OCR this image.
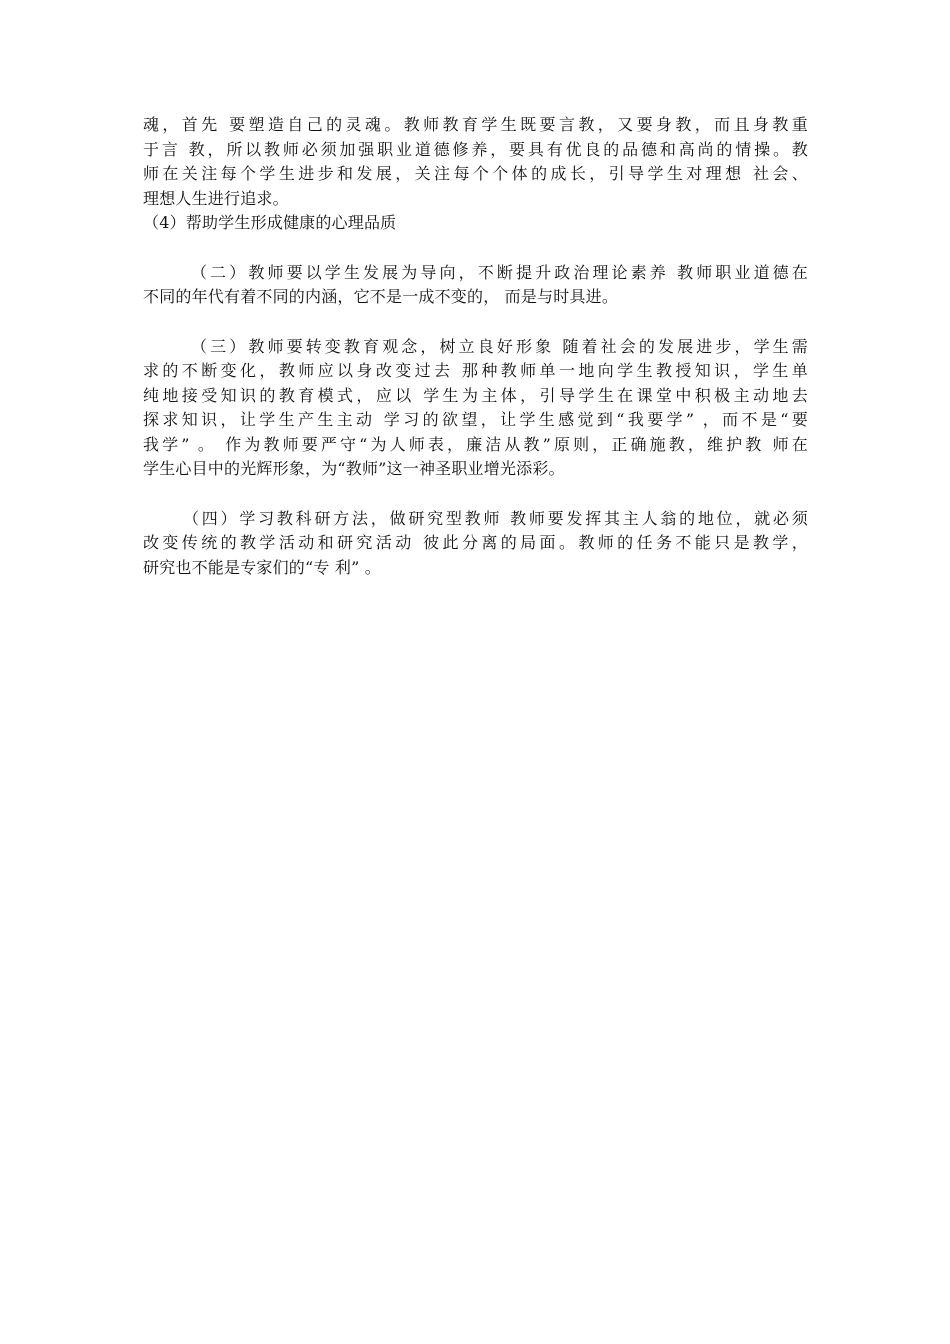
魂，首先 要塑造自己的灵魂。教师教育学生既要言教，又要身教，而且身教重
于言 教，所以教师必须加强职业道德修养，要具有优良的品德和高尚的情操。教
师在关注每个学生进步和发展，关注每个个体的成长，引导学生对理想 社会、
理想人生进行追求。
（4）帮助学生形成健康的心理品质
（二）教师要以学生发展为导向，不断提升政治理论素养 教师职业道德在
不同的年代有着不同的内涵，它不是一成不变的， 而是与时具进。
（三）教师要转变教育观念，树立良好形象 随着社会的发展进步，学生需
求的不断变化，教师应以身改变过去 那种教师单一地向学生教授知识，学生单
纯地接受知识的教育模式，应以 学生为主体，引导学生在课堂中积极主动地去
探求知识，让学生产生主动 学习的欲望，让学生感觉到“我要学” ，而不是“要
我学” 。 作为教师要严守“为人师表，廉洁从教”原则，正确施教，维护教 师在
学生心目中的光辉形象，为“教师”这一神圣职业增光添彩。
（四）学习教科研方法，做研究型教师 教师要发挥其主人翁的地位，就必须
改变传统的教学活动和研究活动 彼此分离的局面。教师的任务不能只是教学，
研究也不能是专家们的“专 利” 。
